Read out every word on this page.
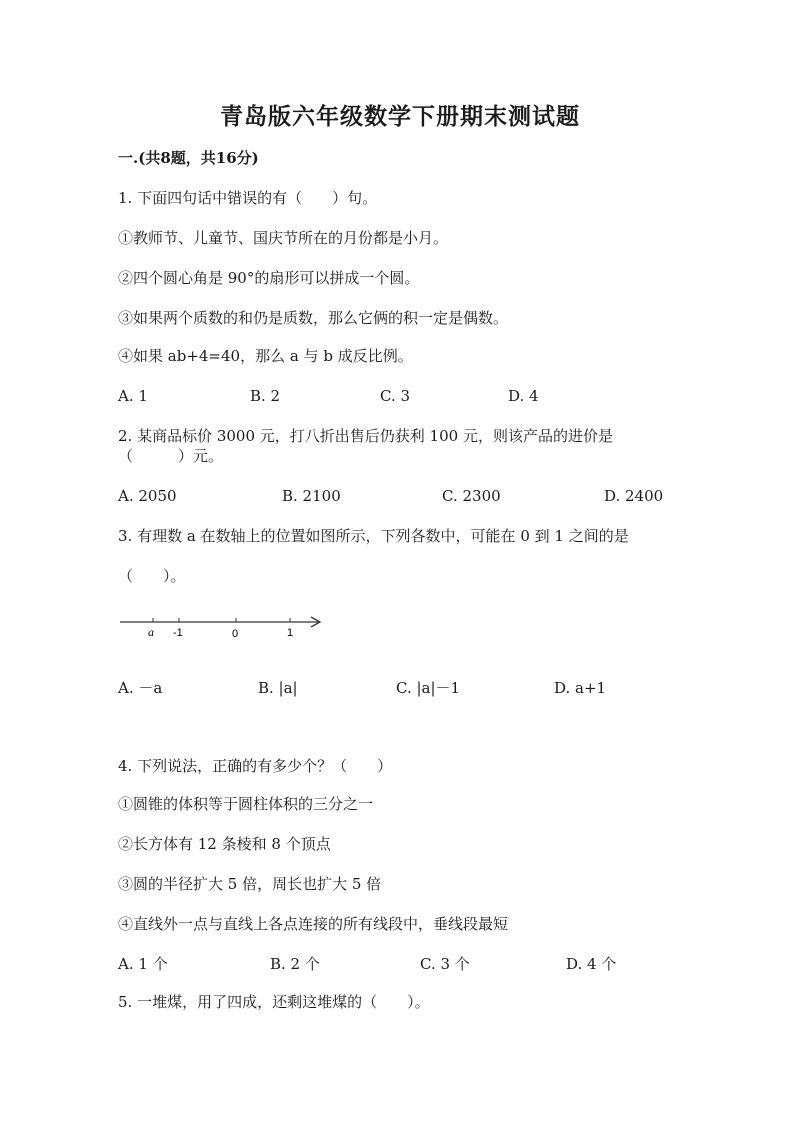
青岛版六年级数学下册期末测试题
一.(共8题，共16分)
1. 下面四句话中错误的有（　　）句。
①教师节、儿童节、国庆节所在的月份都是小月。
②四个圆心角是 90°的扇形可以拼成一个圆。
③如果两个质数的和仍是质数，那么它俩的积一定是偶数。
④如果 ab+4=40，那么 a 与 b 成反比例。
A. 1	B. 2	C. 3	D. 4
2. 某商品标价 3000 元，打八折出售后仍获利 100 元，则该产品的进价是
（　　　）元。
A. 2050	B. 2100	C. 2300	D. 2400
3. 有理数 a 在数轴上的位置如图所示，下列各数中，可能在 0 到 1 之间的是
（　　）。
a -1	0	1
A. －a	B. |a|	C. |a|－1	D. a+1
4. 下列说法，正确的有多少个？（　　）
①圆锥的体积等于圆柱体积的三分之一
②长方体有 12 条棱和 8 个顶点
③圆的半径扩大 5 倍，周长也扩大 5 倍
④直线外一点与直线上各点连接的所有线段中，垂线段最短
A. 1 个	B. 2 个	C. 3 个	D. 4 个
5. 一堆煤，用了四成，还剩这堆煤的（　　）。
